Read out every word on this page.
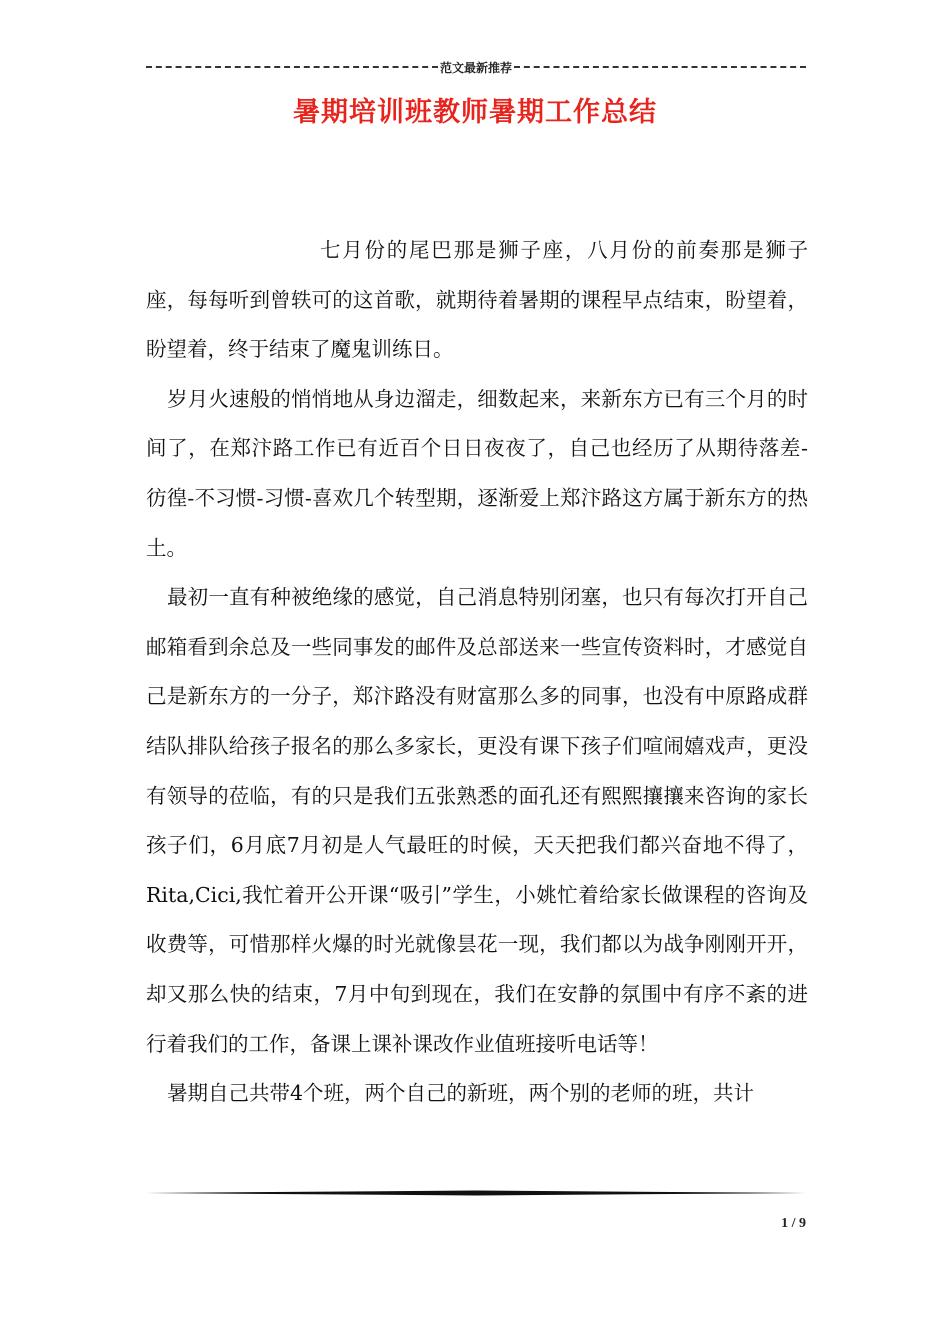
范文最新推荐
暑期培训班教师暑期工作总结

七月份的尾巴那是狮子座，八月份的前奏那是狮子座，每每听到曾轶可的这首歌，就期待着暑期的课程早点结束，盼望着，盼望着，终于结束了魔鬼训练日。

岁月火速般的悄悄地从身边溜走，细数起来，来新东方已有三个月的时间了，在郑汴路工作已有近百个日日夜夜了，自己也经历了从期待落差-彷徨-不习惯-习惯-喜欢几个转型期，逐渐爱上郑汴路这方属于新东方的热土。

最初一直有种被绝缘的感觉，自己消息特别闭塞，也只有每次打开自己邮箱看到余总及一些同事发的邮件及总部送来一些宣传资料时，才感觉自己是新东方的一分子，郑汴路没有财富那么多的同事，也没有中原路成群结队排队给孩子报名的那么多家长，更没有课下孩子们喧闹嬉戏声，更没有领导的莅临，有的只是我们五张熟悉的面孔还有熙熙攘攘来咨询的家长孩子们，6月底7月初是人气最旺的时候，天天把我们都兴奋地不得了， Rita,Cici,我忙着开公开课“吸引”学生，小姚忙着给家长做课程的咨询及收费等，可惜那样火爆的时光就像昙花一现，我们都以为战争刚刚开开，却又那么快的结束，7月中旬到现在，我们在安静的氛围中有序不紊的进行着我们的工作，备课上课补课改作业值班接听电话等！

暑期自己共带4个班，两个自己的新班，两个别的老师的班，共计

1 / 9
